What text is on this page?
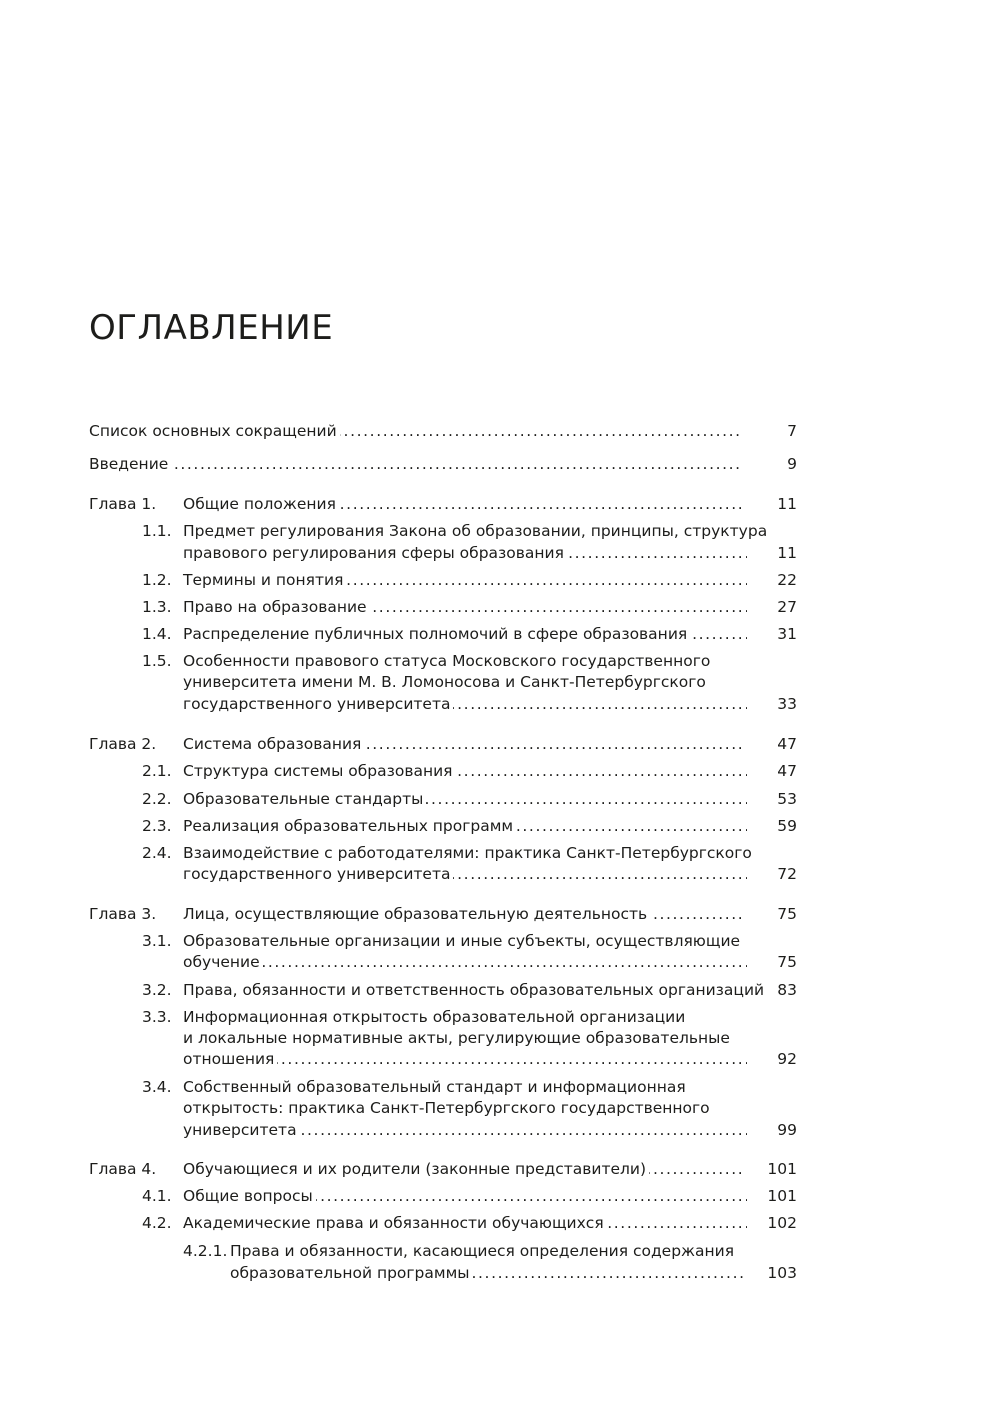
ОГЛАВЛЕНИЕ
.....
Список основных сокращений	7
.....
Введение	9
Глава 1. ..... Общие положения	11
1.1. Предмет регулирования Закона об образовании, принципы, структура
.....
правового регулирования сферы образования	11
1.2. ..... Термины и понятия	22
1.3. ..... Право на образование	27
1.4. ..... Распределение публичных полномочий в сфере образования	31
1.5. Особенности правового статуса Московского государственного
университета имени М. В. Ломоносова и Санкт-Петербургского
.....
государственного университета	33
Глава 2. ..... Система образования	47
2.1. ..... Структура системы образования	47
2.2. ..... Образовательные стандарты	53
2.3. ..... Реализация образовательных программ	59
2.4. Взаимодействие с работодателями: практика Санкт-Петербургского
.....
государственного университета	72
Глава 3. ..... Лица, осуществляющие образовательную деятельность	75
3.1. Образовательные организации и иные субъекты, осуществляющие
.....
обучение	75
3.2. ..... Права, обязанности и ответственность образовательных организаций 83
3.3. Информационная открытость образовательной организации
и локальные нормативные акты, регулирующие образовательные
.....
отношения	92
3.4. Собственный образовательный стандарт и информационная
открытость: практика Санкт-Петербургского государственного
.....
университета	99
Глава 4. ..... Обучающиеся и их родители (законные представители)	101
4.1. ..... Общие вопросы	101
4.2. ..... Академические права и обязанности обучающихся	102
4.2.1. Права и обязанности, касающиеся определения содержания
.....
образовательной программы	103
